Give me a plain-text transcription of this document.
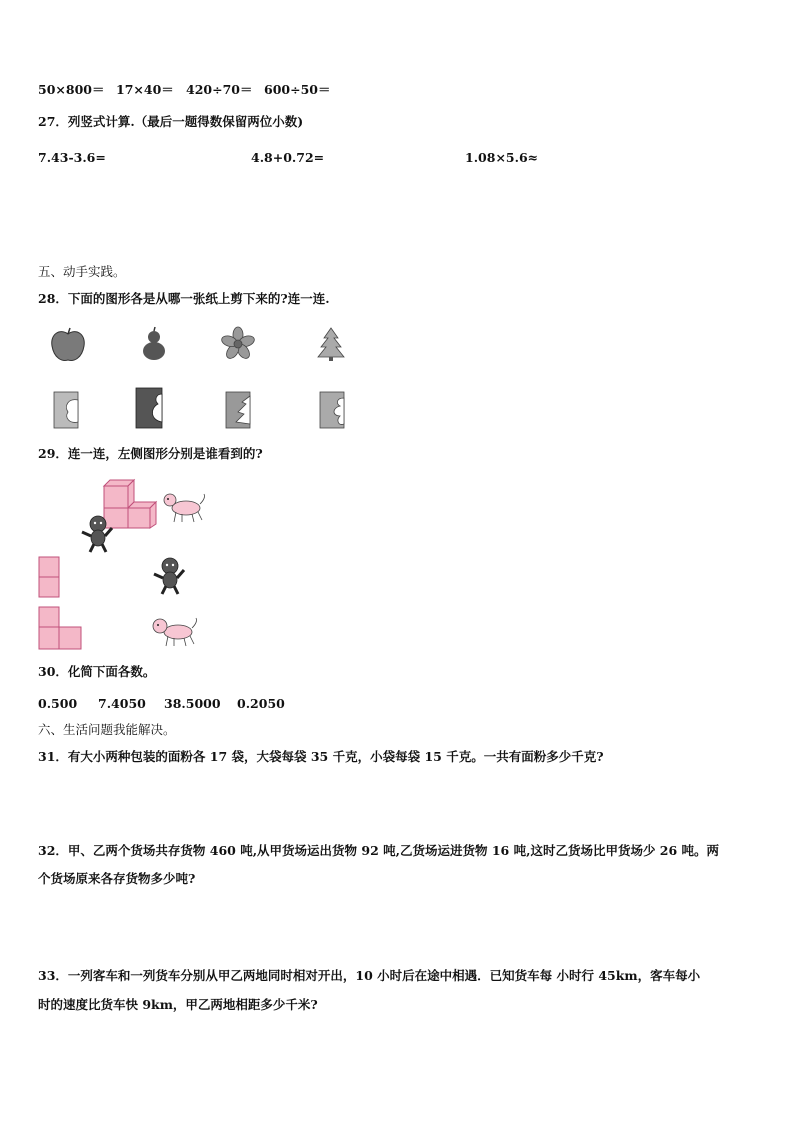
50×800＝ 17×40＝ 420÷70＝ 600÷50＝
27．列竖式计算.（最后一题得数保留两位小数)
7.43-3.6=	4.8+0.72=	1.08×5.6≈
五、动手实践。
28．下面的图形各是从哪一张纸上剪下来的?连一连.
29．连一连，左侧图形分别是谁看到的?
30．化简下面各数。
0.500 7.4050 38.5000 0.2050
六、生活问题我能解决。
31．有大小两种包装的面粉各 17 袋，大袋每袋 35 千克，小袋每袋 15 千克。一共有面粉多少千克?
32．甲、乙两个货场共存货物 460 吨,从甲货场运出货物 92 吨,乙货场运进货物 16 吨,这时乙货场比甲货场少 26 吨。两
个货场原来各存货物多少吨?
33．一列客车和一列货车分别从甲乙两地同时相对开出，10 小时后在途中相遇．已知货车每 小时行 45km，客车每小
时的速度比货车快 9km，甲乙两地相距多少千米?
